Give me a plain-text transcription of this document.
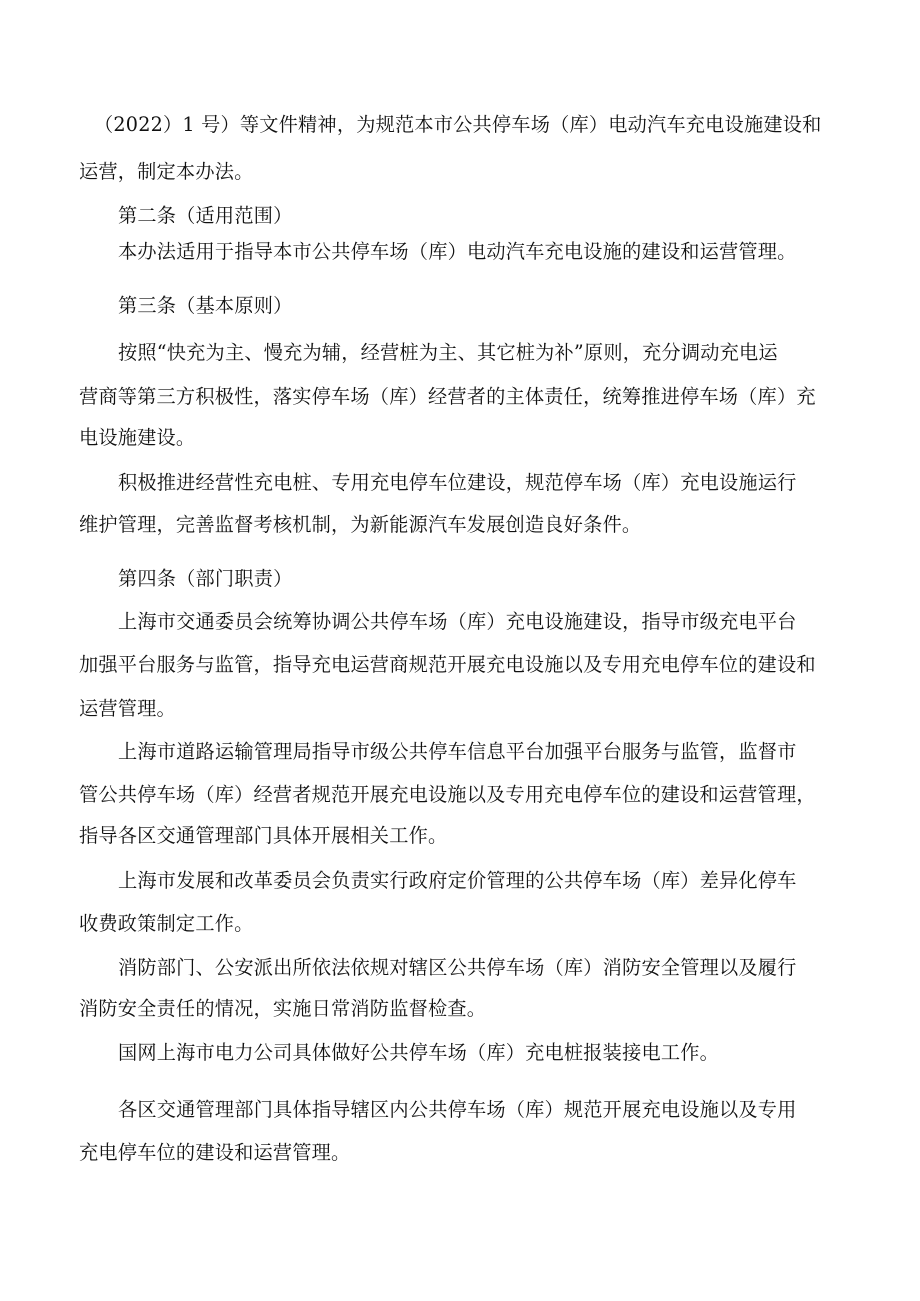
（2022）1 号）等文件精神，为规范本市公共停车场（库）电动汽车充电设施建设和
运营，制定本办法。
第二条（适用范围）
本办法适用于指导本市公共停车场（库）电动汽车充电设施的建设和运营管理。
第三条（基本原则）
按照“快充为主、慢充为辅，经营桩为主、其它桩为补”原则，充分调动充电运
营商等第三方积极性，落实停车场（库）经营者的主体责任，统筹推进停车场（库）充
电设施建设。
积极推进经营性充电桩、专用充电停车位建设，规范停车场（库）充电设施运行
维护管理，完善监督考核机制，为新能源汽车发展创造良好条件。
第四条（部门职责）
上海市交通委员会统筹协调公共停车场（库）充电设施建设，指导市级充电平台
加强平台服务与监管，指导充电运营商规范开展充电设施以及专用充电停车位的建设和
运营管理。
上海市道路运输管理局指导市级公共停车信息平台加强平台服务与监管，监督市
管公共停车场（库）经营者规范开展充电设施以及专用充电停车位的建设和运营管理，
指导各区交通管理部门具体开展相关工作。
上海市发展和改革委员会负责实行政府定价管理的公共停车场（库）差异化停车
收费政策制定工作。
消防部门、公安派出所依法依规对辖区公共停车场（库）消防安全管理以及履行
消防安全责任的情况，实施日常消防监督检查。
国网上海市电力公司具体做好公共停车场（库）充电桩报装接电工作。
各区交通管理部门具体指导辖区内公共停车场（库）规范开展充电设施以及专用
充电停车位的建设和运营管理。
